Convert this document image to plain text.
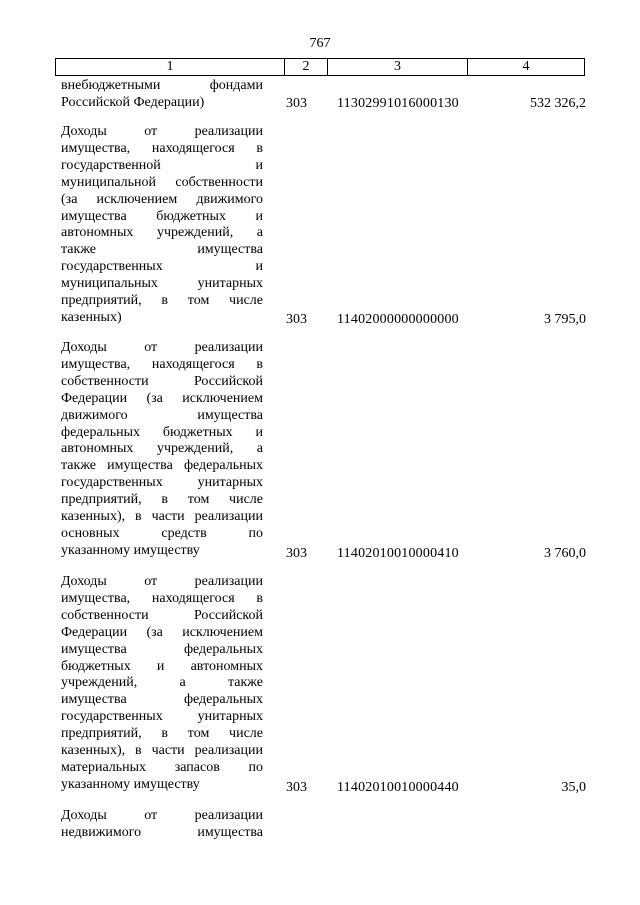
767
1	2	3	4
внебюджетными фондами
Российской Федерации)	303 11302991016000130	532 326,2
Доходы от реализации
имущества, находящегося в
государственной и
муниципальной собственности
(за исключением движимого
имущества бюджетных и
автономных учреждений, а
также имущества
государственных и
муниципальных унитарных
предприятий, в том числе
казенных)	303 11402000000000000	3 795,0
Доходы от реализации
имущества, находящегося в
собственности Российской
Федерации (за исключением
движимого имущества
федеральных бюджетных и
автономных учреждений, а
также имущества федеральных
государственных унитарных
предприятий, в том числе
казенных), в части реализации
основных средств по
указанному имуществу	303 11402010010000410	3 760,0
Доходы от реализации
имущества, находящегося в
собственности Российской
Федерации (за исключением
имущества федеральных
бюджетных и автономных
учреждений, а также
имущества федеральных
государственных унитарных
предприятий, в том числе
казенных), в части реализации
материальных запасов по
указанному имуществу	303 11402010010000440	35,0
Доходы от реализации
недвижимого имущества
